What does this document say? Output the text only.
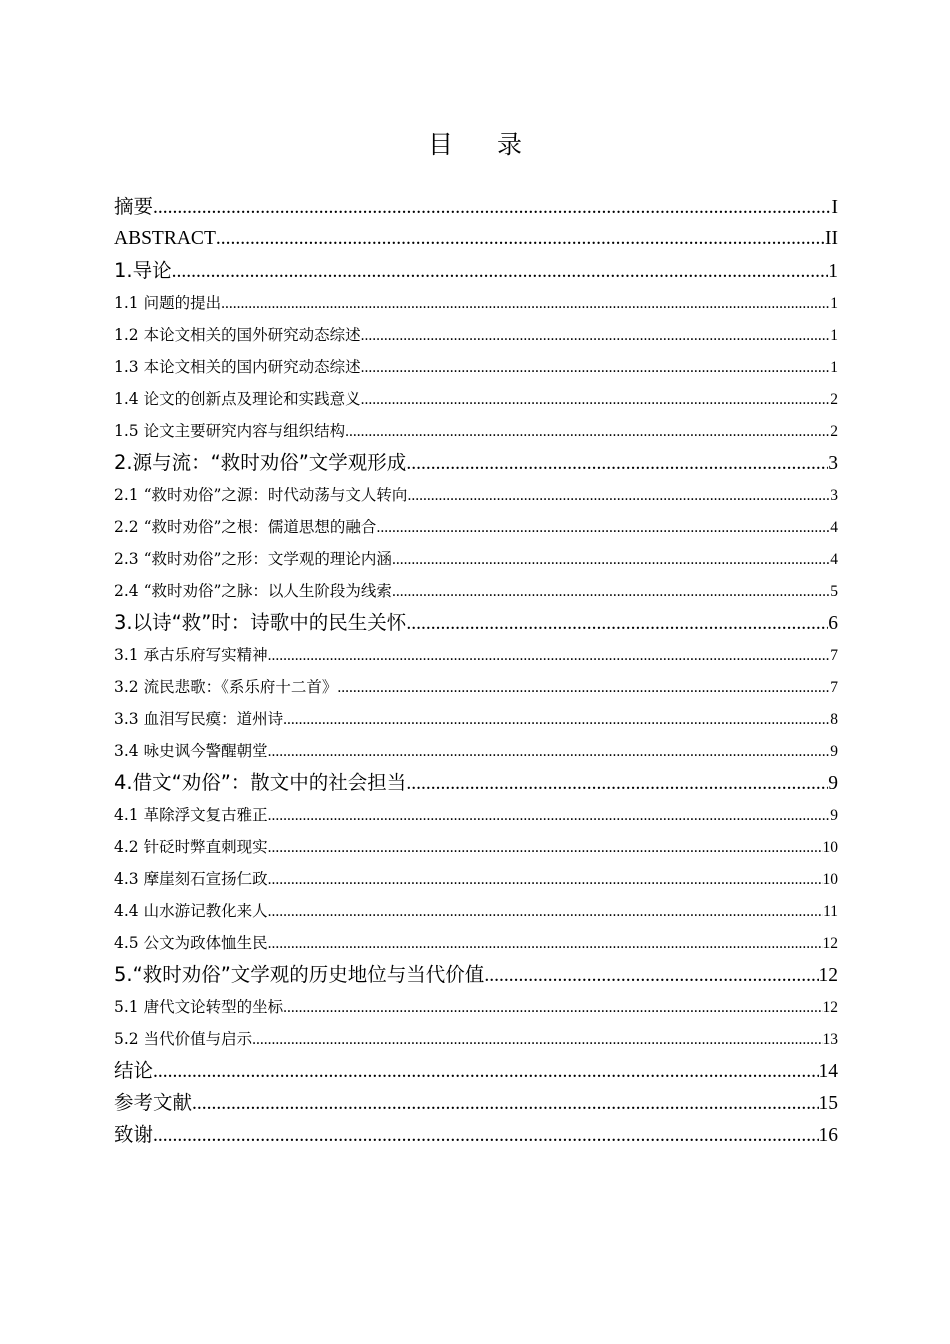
目录
摘要 .....	I
ABSTRACT .....	II
1.导论 .....	1
1.1 问题的提出 .....	1
1.2 本论文相关的国外研究动态综述 .....	1
1.3 本论文相关的国内研究动态综述 .....	1
1.4 论文的创新点及理论和实践意义 .....	2
1.5 论文主要研究内容与组织结构 .....	2
2.源与流：“救时劝俗”文学观形成 .....	3
2.1 “救时劝俗”之源：时代动荡与文人转向 .....	3
2.2 “救时劝俗”之根：儒道思想的融合 .....	4
2.3 “救时劝俗”之形：文学观的理论内涵 .....	4
2.4 “救时劝俗”之脉：以人生阶段为线索 .....	5
3.以诗“救”时：诗歌中的民生关怀 .....	6
3.1 承古乐府写实精神 .....	7
3.2 流民悲歌：《系乐府十二首》 .....	7
3.3 血泪写民瘼：道州诗 .....	8
3.4 咏史讽今警醒朝堂 .....	9
4.借文“劝俗”：散文中的社会担当 .....	9
4.1 革除浮文复古雅正 .....	9
4.2 针砭时弊直刺现实 .....	10
4.3 摩崖刻石宣扬仁政 .....	10
4.4 山水游记教化来人 .....	11
4.5 公文为政体恤生民 .....	12
5.“救时劝俗”文学观的历史地位与当代价值 .....	12
5.1 唐代文论转型的坐标 .....	12
5.2 当代价值与启示 .....	13
结论 .....	14
参考文献 .....	15
致谢 .....	16
